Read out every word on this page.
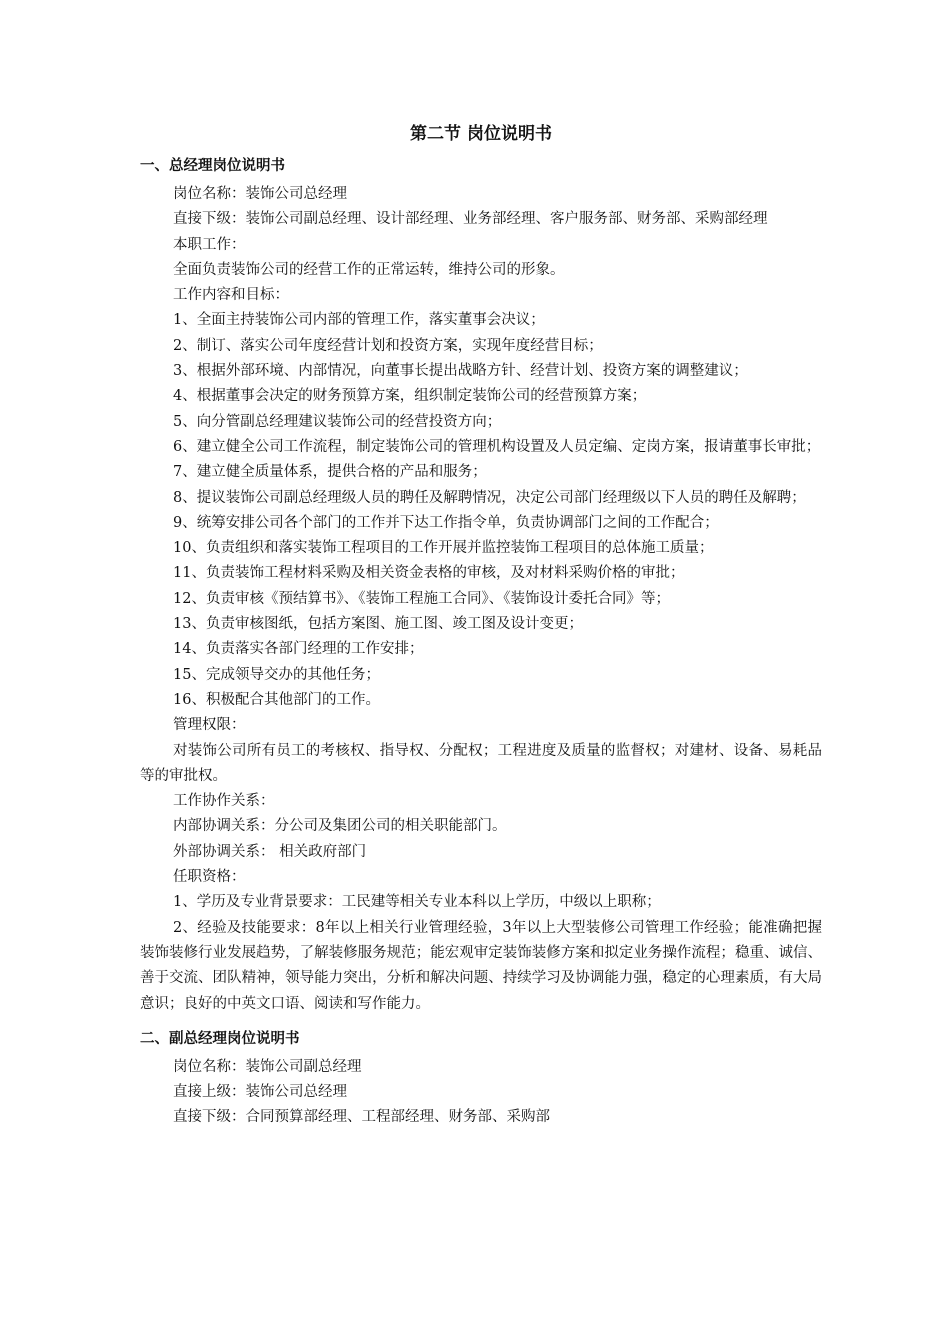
第二节 岗位说明书
一、总经理岗位说明书

岗位名称：装饰公司总经理

直接下级：装饰公司副总经理、设计部经理、业务部经理、客户服务部、财务部、采购部经理

本职工作：

全面负责装饰公司的经营工作的正常运转，维持公司的形象。

工作内容和目标：

1、全面主持装饰公司内部的管理工作，落实董事会决议；

2、制订、落实公司年度经营计划和投资方案，实现年度经营目标；

3、根据外部环境、内部情况，向董事长提出战略方针、经营计划、投资方案的调整建议；

4、根据董事会决定的财务预算方案，组织制定装饰公司的经营预算方案；

5、向分管副总经理建议装饰公司的经营投资方向；

6、建立健全公司工作流程，制定装饰公司的管理机构设置及人员定编、定岗方案，报请董事长审批；

7、建立健全质量体系，提供合格的产品和服务；

8、提议装饰公司副总经理级人员的聘任及解聘情况，决定公司部门经理级以下人员的聘任及解聘；

9、统筹安排公司各个部门的工作并下达工作指令单，负责协调部门之间的工作配合；

10、负责组织和落实装饰工程项目的工作开展并监控装饰工程项目的总体施工质量；

11、负责装饰工程材料采购及相关资金表格的审核，及对材料采购价格的审批；

12、负责审核《预结算书》、《装饰工程施工合同》、《装饰设计委托合同》等；

13、负责审核图纸，包括方案图、施工图、竣工图及设计变更；

14、负责落实各部门经理的工作安排；

15、完成领导交办的其他任务；

16、积极配合其他部门的工作。

管理权限：

对装饰公司所有员工的考核权、指导权、分配权；工程进度及质量的监督权；对建材、设备、易耗品等的审批权。

工作协作关系：

内部协调关系：分公司及集团公司的相关职能部门。

外部协调关系： 相关政府部门

任职资格：

1、学历及专业背景要求：工民建等相关专业本科以上学历，中级以上职称；

2、经验及技能要求：8年以上相关行业管理经验，3年以上大型装修公司管理工作经验；能准确把握装饰装修行业发展趋势，了解装修服务规范；能宏观审定装饰装修方案和拟定业务操作流程；稳重、诚信、善于交流、团队精神，领导能力突出，分析和解决问题、持续学习及协调能力强，稳定的心理素质，有大局意识；良好的中英文口语、阅读和写作能力。

二、副总经理岗位说明书

岗位名称：装饰公司副总经理

直接上级：装饰公司总经理

直接下级：合同预算部经理、工程部经理、财务部、采购部
